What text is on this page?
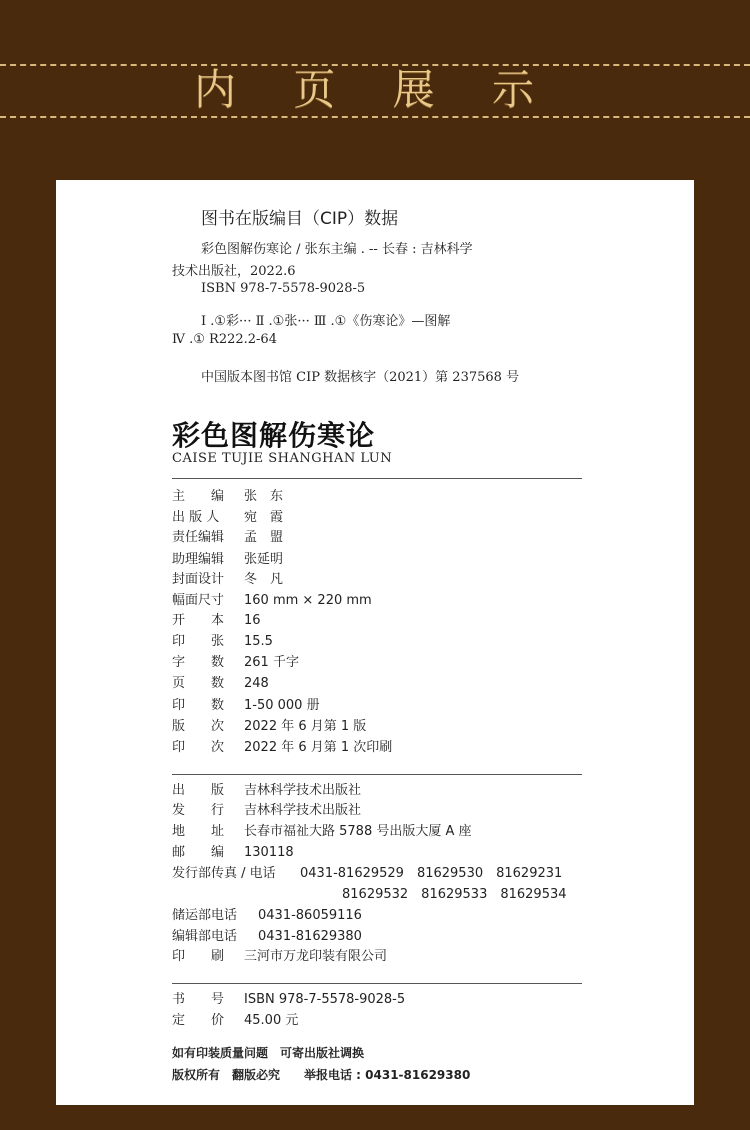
内 页 展 示
图书在版编目（CIP）数据
彩色图解伤寒论 / 张东主编 . -- 长春 : 吉林科学
技术出版社，2022.6
ISBN 978-7-5578-9028-5
Ⅰ .①彩··· Ⅱ .①张··· Ⅲ .①《伤寒论》—图解
Ⅳ .① R222.2-64
中国版本图书馆 CIP 数据核字（2021）第 237568 号
彩色图解伤寒论
CAISE TUJIE SHANGHAN LUN
主　　编 张　东
出 版 人 宛　霞
责任编辑 孟　盟
助理编辑 张延明
封面设计 冬　凡
幅面尺寸 160 mm × 220 mm
开　　本 16
印　　张 15.5
字　　数 261 千字
页　　数 248
印　　数 1-50 000 册
版　　次 2022 年 6 月第 1 版
印　　次 2022 年 6 月第 1 次印刷
出　　版 吉林科学技术出版社
发　　行 吉林科学技术出版社
地　　址 长春市福祉大路 5788 号出版大厦 A 座
邮　　编 130118
发行部传真 / 电话 0431-81629529　81629530　81629231
81629532　81629533　81629534
储运部电话 0431-86059116
编辑部电话 0431-81629380
印　　刷 三河市万龙印装有限公司
书　　号 ISBN 978-7-5578-9028-5
定　　价 45.00 元
如有印装质量问题　可寄出版社调换
版权所有　翻版必究　　举报电话 : 0431-81629380
